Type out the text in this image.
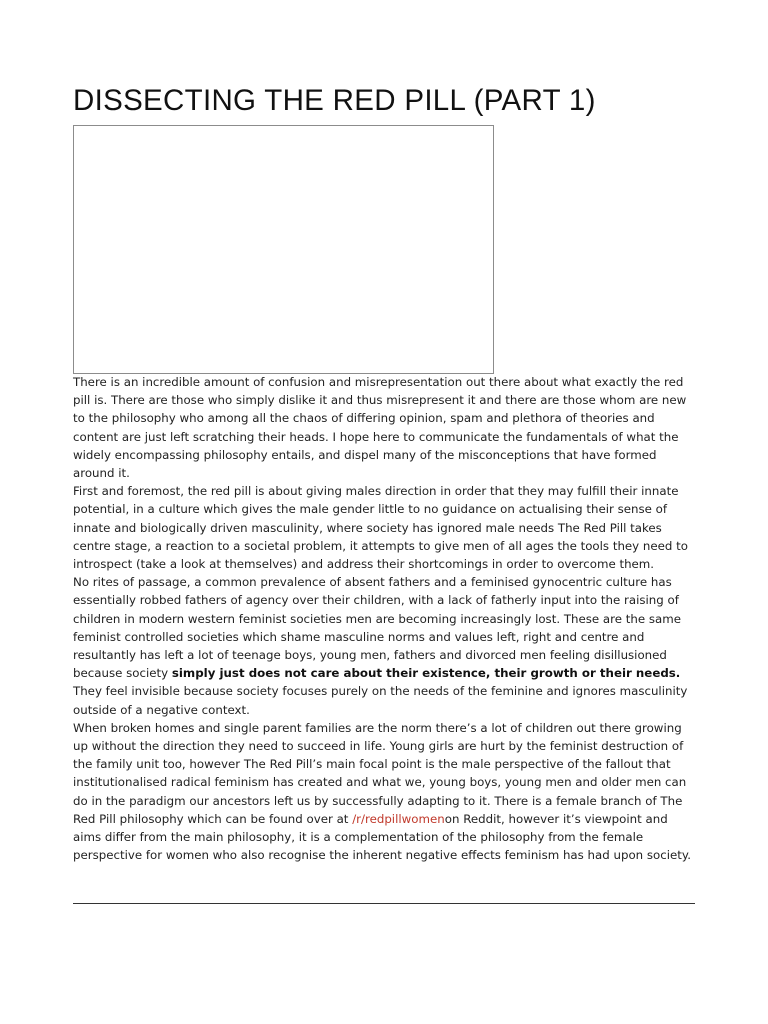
DISSECTING THE RED PILL (PART 1)

There is an incredible amount of confusion and misrepresentation out there about what exactly the red pill is. There are those who simply dislike it and thus misrepresent it and there are those whom are new to the philosophy who among all the chaos of differing opinion, spam and plethora of theories and content are just left scratching their heads. I hope here to communicate the fundamentals of what the widely encompassing philosophy entails, and dispel many of the misconceptions that have formed around it.

First and foremost, the red pill is about giving males direction in order that they may fulfill their innate potential, in a culture which gives the male gender little to no guidance on actualising their sense of innate and biologically driven masculinity, where society has ignored male needs The Red Pill takes centre stage, a reaction to a societal problem, it attempts to give men of all ages the tools they need to introspect (take a look at themselves) and address their shortcomings in order to overcome them.

No rites of passage, a common prevalence of absent fathers and a feminised gynocentric culture has essentially robbed fathers of agency over their children, with a lack of fatherly input into the raising of children in modern western feminist societies men are becoming increasingly lost. These are the same feminist controlled societies which shame masculine norms and values left, right and centre and resultantly has left a lot of teenage boys, young men, fathers and divorced men feeling disillusioned because society simply just does not care about their existence, their growth or their needs. They feel invisible because society focuses purely on the needs of the feminine and ignores masculinity outside of a negative context.

When broken homes and single parent families are the norm there’s a lot of children out there growing up without the direction they need to succeed in life. Young girls are hurt by the feminist destruction of the family unit too, however The Red Pill’s main focal point is the male perspective of the fallout that institutionalised radical feminism has created and what we, young boys, young men and older men can do in the paradigm our ancestors left us by successfully adapting to it. There is a female branch of The Red Pill philosophy which can be found over at /r/redpillwomenon Reddit, however it’s viewpoint and aims differ from the main philosophy, it is a complementation of the philosophy from the female perspective for women who also recognise the inherent negative effects feminism has had upon society.
